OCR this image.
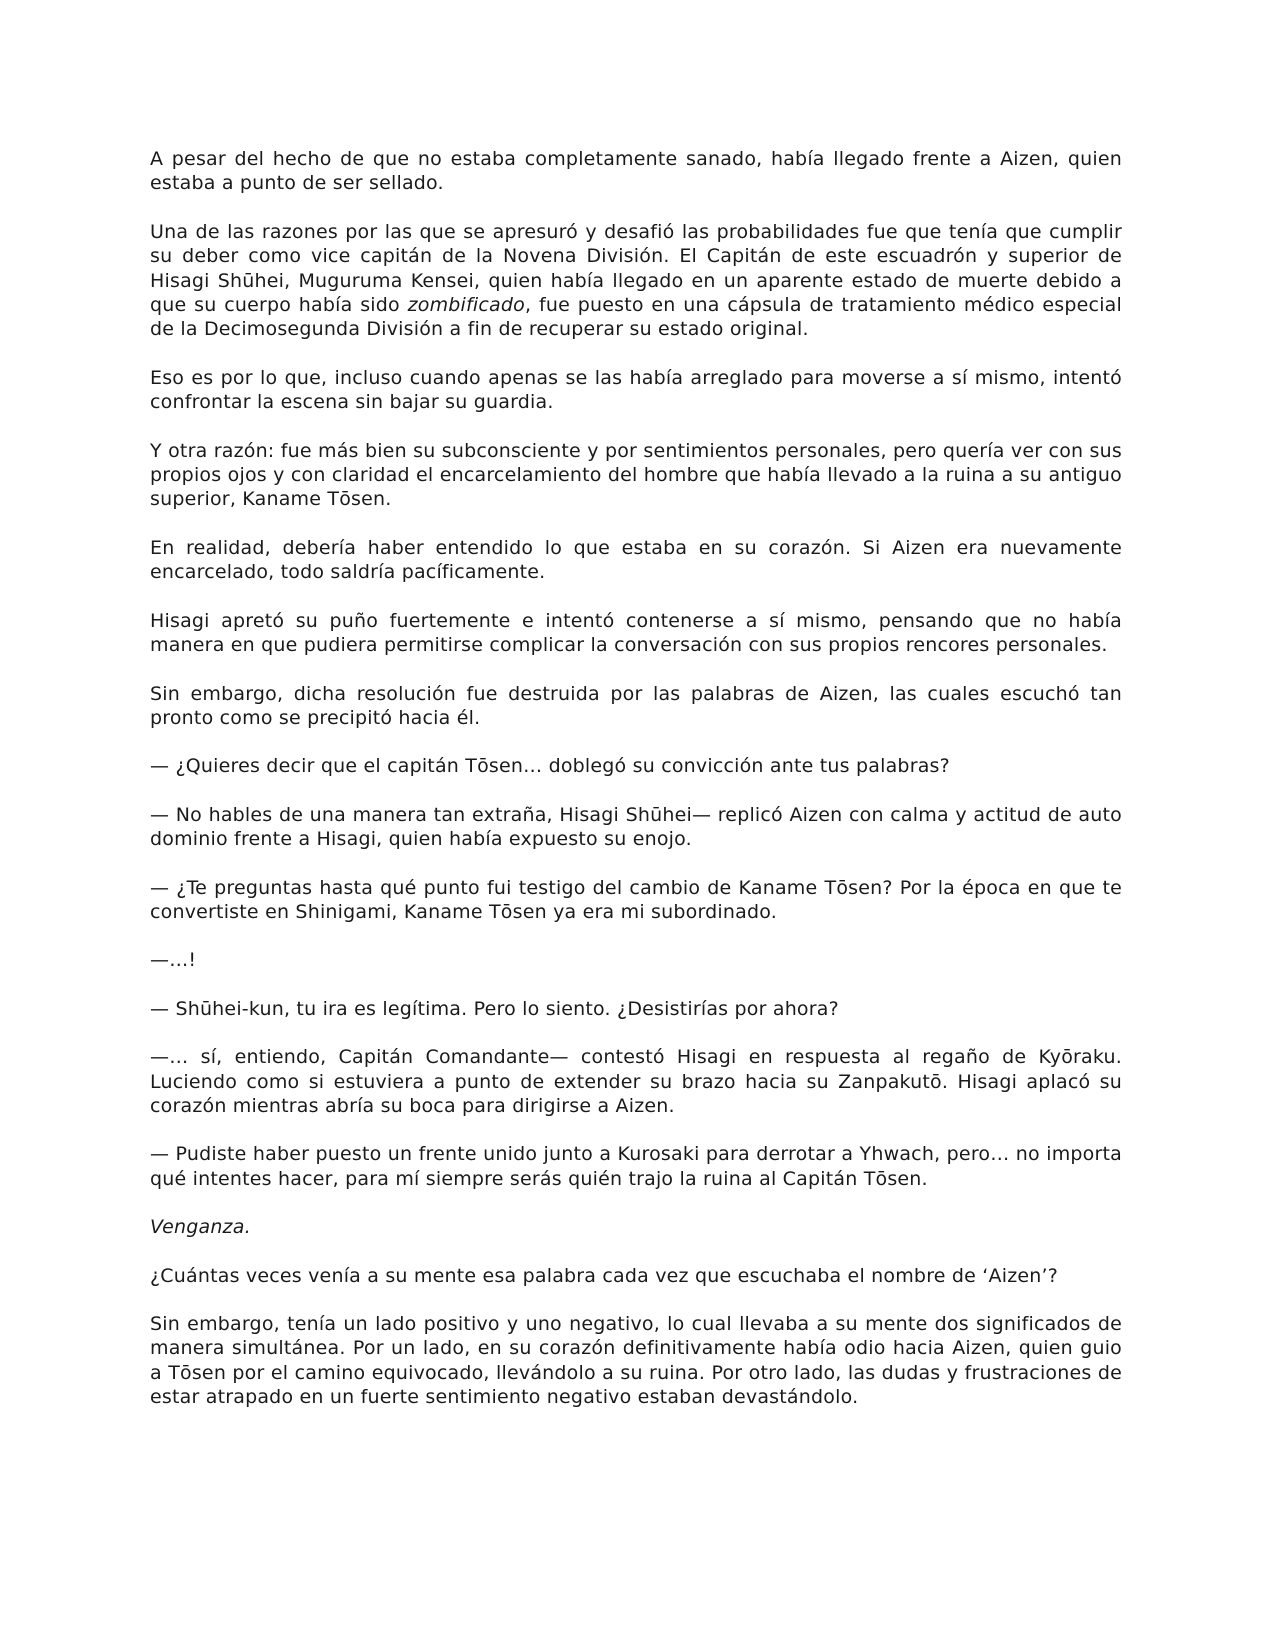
A pesar del hecho de que no estaba completamente sanado, había llegado frente a Aizen, quien estaba a punto de ser sellado.

Una de las razones por las que se apresuró y desafió las probabilidades fue que tenía que cumplir su deber como vice capitán de la Novena División. El Capitán de este escuadrón y superior de Hisagi Shūhei, Muguruma Kensei, quien había llegado en un aparente estado de muerte debido a que su cuerpo había sido zombificado, fue puesto en una cápsula de tratamiento médico especial de la Decimosegunda División a fin de recuperar su estado original.

Eso es por lo que, incluso cuando apenas se las había arreglado para moverse a sí mismo, intentó confrontar la escena sin bajar su guardia.

Y otra razón: fue más bien su subconsciente y por sentimientos personales, pero quería ver con sus propios ojos y con claridad el encarcelamiento del hombre que había llevado a la ruina a su antiguo superior, Kaname Tōsen.

En realidad, debería haber entendido lo que estaba en su corazón. Si Aizen era nuevamente encarcelado, todo saldría pacíficamente.

Hisagi apretó su puño fuertemente e intentó contenerse a sí mismo, pensando que no había manera en que pudiera permitirse complicar la conversación con sus propios rencores personales.

Sin embargo, dicha resolución fue destruida por las palabras de Aizen, las cuales escuchó tan pronto como se precipitó hacia él.

— ¿Quieres decir que el capitán Tōsen… doblegó su convicción ante tus palabras?

— No hables de una manera tan extraña, Hisagi Shūhei— replicó Aizen con calma y actitud de auto dominio frente a Hisagi, quien había expuesto su enojo.

— ¿Te preguntas hasta qué punto fui testigo del cambio de Kaname Tōsen? Por la época en que te convertiste en Shinigami, Kaname Tōsen ya era mi subordinado.

—…!

— Shūhei-kun, tu ira es legítima. Pero lo siento. ¿Desistirías por ahora?

—… sí, entiendo, Capitán Comandante— contestó Hisagi en respuesta al regaño de Kyōraku. Luciendo como si estuviera a punto de extender su brazo hacia su Zanpakutō. Hisagi aplacó su corazón mientras abría su boca para dirigirse a Aizen.

— Pudiste haber puesto un frente unido junto a Kurosaki para derrotar a Yhwach, pero… no importa qué intentes hacer, para mí siempre serás quién trajo la ruina al Capitán Tōsen.

Venganza.

¿Cuántas veces venía a su mente esa palabra cada vez que escuchaba el nombre de ‘Aizen’?

Sin embargo, tenía un lado positivo y uno negativo, lo cual llevaba a su mente dos significados de manera simultánea. Por un lado, en su corazón definitivamente había odio hacia Aizen, quien guio a Tōsen por el camino equivocado, llevándolo a su ruina. Por otro lado, las dudas y frustraciones de estar atrapado en un fuerte sentimiento negativo estaban devastándolo.
